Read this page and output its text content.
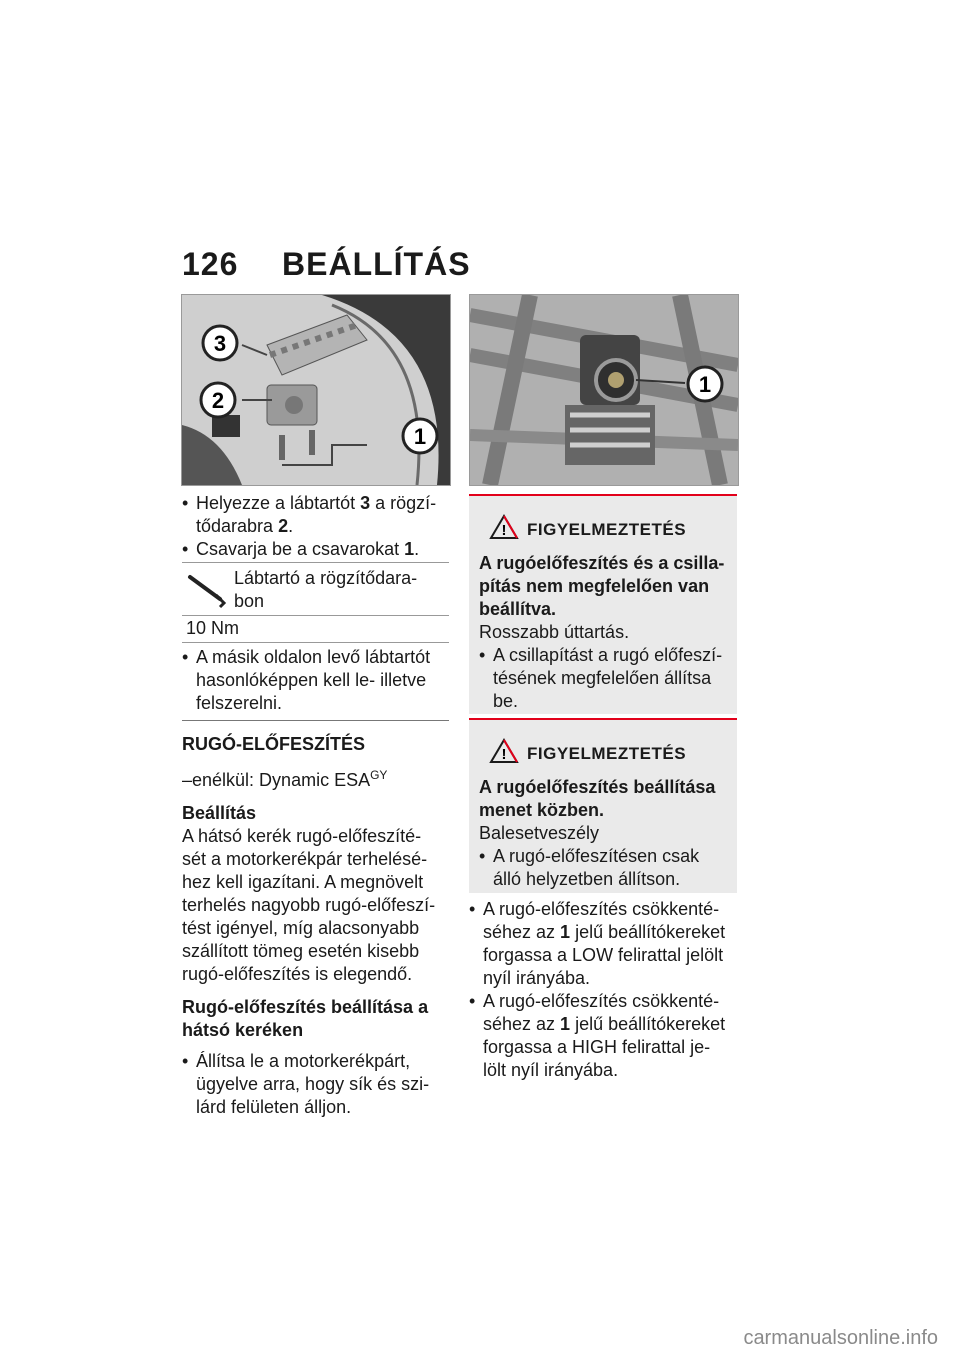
126 BEÁLLÍTÁS
3
2
1
• Helyezze a lábtartót 3 a rögzí-
tődarabra 2.
• Csavarja be a csavarokat 1.
Lábtartó a rögzítődara-
bon
10 Nm
• A másik oldalon levő lábtartót
hasonlóképpen kell le- illetve
felszerelni.
RUGÓ-ELŐFESZÍTÉS
–enélkül: Dynamic $ESA^{GY}$
Beállítás
A hátsó kerék rugó-előfeszíté-
sét a motorkerékpár terhelésé-
hez kell igazítani. A megnövelt
terhelés nagyobb rugó-előfeszí-
tést igényel, míg alacsonyabb
szállított tömeg esetén kisebb
rugó-előfeszítés is elegendő.
Rugó-előfeszítés beállítása a
hátsó keréken
• Állítsa le a motorkerékpárt,
ügyelve arra, hogy sík és szi-
lárd felületen álljon.
1
! FIGYELMEZTETÉS
A rugóelőfeszítés és a csilla-
pítás nem megfelelően van
beállítva.
Rosszabb úttartás.
• A csillapítást a rugó előfeszí-
tésének megfelelően állítsa
be.
! FIGYELMEZTETÉS
A rugóelőfeszítés beállítása
menet közben.
Balesetveszély
• A rugó-előfeszítésen csak
álló helyzetben állítson.
• A rugó-előfeszítés csökkenté-
séhez az 1 jelű beállítókereket
forgassa a LOW felirattal jelölt
nyíl irányába.
• A rugó-előfeszítés csökkenté-
séhez az 1 jelű beállítókereket
forgassa a HIGH felirattal je-
lölt nyíl irányába.
carmanualsonline.info
